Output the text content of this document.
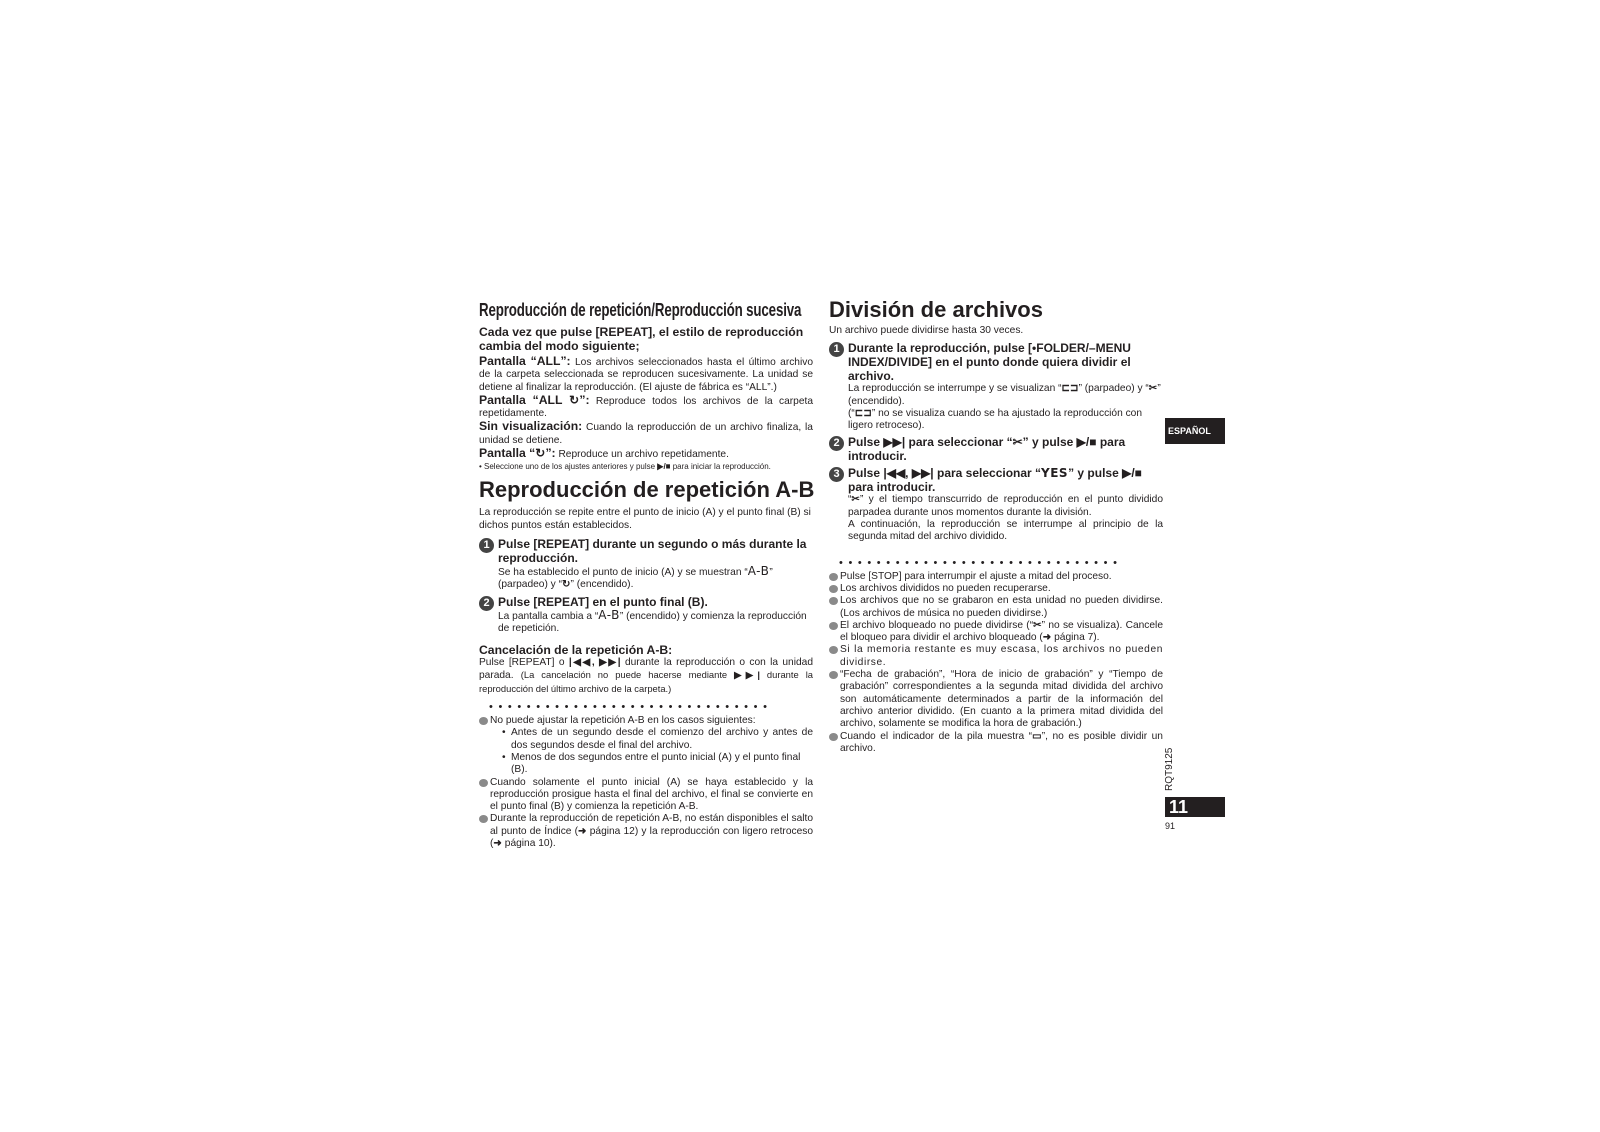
Reproducción de repetición/Reproducción sucesiva

Cada vez que pulse [REPEAT], el estilo de reproducción cambia del modo siguiente;

Pantalla “ALL”: Los archivos seleccionados hasta el último archivo de la carpeta seleccionada se reproducen sucesivamente. La unidad se detiene al finalizar la reproducción. (El ajuste de fábrica es “ALL”.)

Pantalla “ALL ↻”: Reproduce todos los archivos de la carpeta repetidamente.

Sin visualización: Cuando la reproducción de un archivo finaliza, la unidad se detiene.

Pantalla “↻”: Reproduce un archivo repetidamente.

• Seleccione uno de los ajustes anteriores y pulse ▶/■ para iniciar la reproducción.

Reproducción de repetición A-B

La reproducción se repite entre el punto de inicio (A) y el punto final (B) si dichos puntos están establecidos.

1 Pulse [REPEAT] durante un segundo o más durante la reproducción.

Se ha establecido el punto de inicio (A) y se muestran “A-B” (parpadeo) y “↻” (encendido).

2 Pulse [REPEAT] en el punto final (B).

La pantalla cambia a “A-B” (encendido) y comienza la reproducción de repetición.

Cancelación de la repetición A-B:

Pulse [REPEAT] o |◀◀, ▶▶| durante la reproducción o con la unidad parada. (La cancelación no puede hacerse mediante ▶▶| durante la reproducción del último archivo de la carpeta.)

••••••••••••••••••••••••••••••

No puede ajustar la repetición A-B en los casos siguientes:

• Antes de un segundo desde el comienzo del archivo y antes de dos segundos desde el final del archivo.
• Menos de dos segundos entre el punto inicial (A) y el punto final (B).

Cuando solamente el punto inicial (A) se haya establecido y la reproducción prosigue hasta el final del archivo, el final se convierte en el punto final (B) y comienza la repetición A-B.

Durante la reproducción de repetición A-B, no están disponibles el salto al punto de Índice (➜ página 12) y la reproducción con ligero retroceso (➜ página 10).

División de archivos

Un archivo puede dividirse hasta 30 veces.

1 Durante la reproducción, pulse [•FOLDER/–MENU INDEX/DIVIDE] en el punto donde quiera dividir el archivo.

La reproducción se interrumpe y se visualizan “⊏⊐” (parpadeo) y “✂” (encendido).

(“⊏⊐” no se visualiza cuando se ha ajustado la reproducción con ligero retroceso).

2 Pulse ▶▶| para seleccionar “✂” y pulse ▶/■ para introducir.

3 Pulse |◀◀, ▶▶| para seleccionar “YES” y pulse ▶/■ para introducir.

“✂” y el tiempo transcurrido de reproducción en el punto dividido parpadea durante unos momentos durante la división.

A continuación, la reproducción se interrumpe al principio de la segunda mitad del archivo dividido.

••••••••••••••••••••••••••••••

Pulse [STOP] para interrumpir el ajuste a mitad del proceso.

Los archivos divididos no pueden recuperarse.

Los archivos que no se grabaron en esta unidad no pueden dividirse. (Los archivos de música no pueden dividirse.)

El archivo bloqueado no puede dividirse (“✂” no se visualiza). Cancele el bloqueo para dividir el archivo bloqueado (➜ página 7).

Si la memoria restante es muy escasa, los archivos no pueden dividirse.

“Fecha de grabación”, “Hora de inicio de grabación” y “Tiempo de grabación” correspondientes a la segunda mitad dividida del archivo son automáticamente determinados a partir de la información del archivo anterior dividido. (En cuanto a la primera mitad dividida del archivo, solamente se modifica la hora de grabación.)

Cuando el indicador de la pila muestra “▭”, no es posible dividir un archivo.

ESPAÑOL
RQT9125
11
91
